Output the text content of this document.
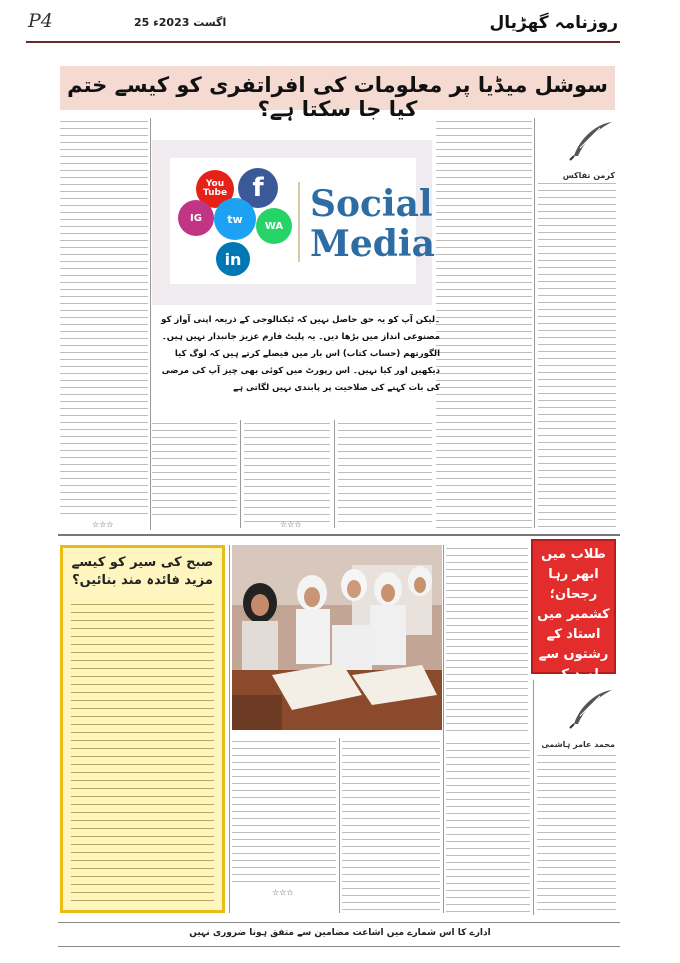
P4	25 اگست 2023ء	روزنامہ گھڑیال
سوشل میڈیا پر معلومات کی افراتفری کو کیسے ختم کیا جا سکتا ہے؟
کرمن تفاکس
You Tube f
IG	tw
WA
in
Social
Media
۔لیکن آپ کو یہ حق حاصل نہیں کہ ٹیکنالوجی کے ذریعہ اپنی آواز کو مصنوعی انداز میں بڑھا دیں۔ یہ پلیٹ فارم عزیز جانبدار نہیں ہیں۔ الگورتھم (حساب کتاب) اس بار میں فیصلے کرتے ہیں کہ لوگ کیا دیکھیں اور کیا نہیں۔ اس رپورٹ میں کوئی بھی چیز آپ کی مرضی کی بات کہنے کی صلاحیت پر پابندی نہیں لگاتی ہے
☆☆☆	☆☆☆
صبح کی سیر کو کیسے مزید فائدہ مند بنائیں؟
طلاب میں ابھر رہا رجحان؛ کشمیر میں استاد کے رشتوں سے امید کی کرن
محمد عامر ہاشمی
☆☆☆
ادارے کا اس شمارے میں اشاعت مضامین سے متفق ہونا ضروری نہیں
